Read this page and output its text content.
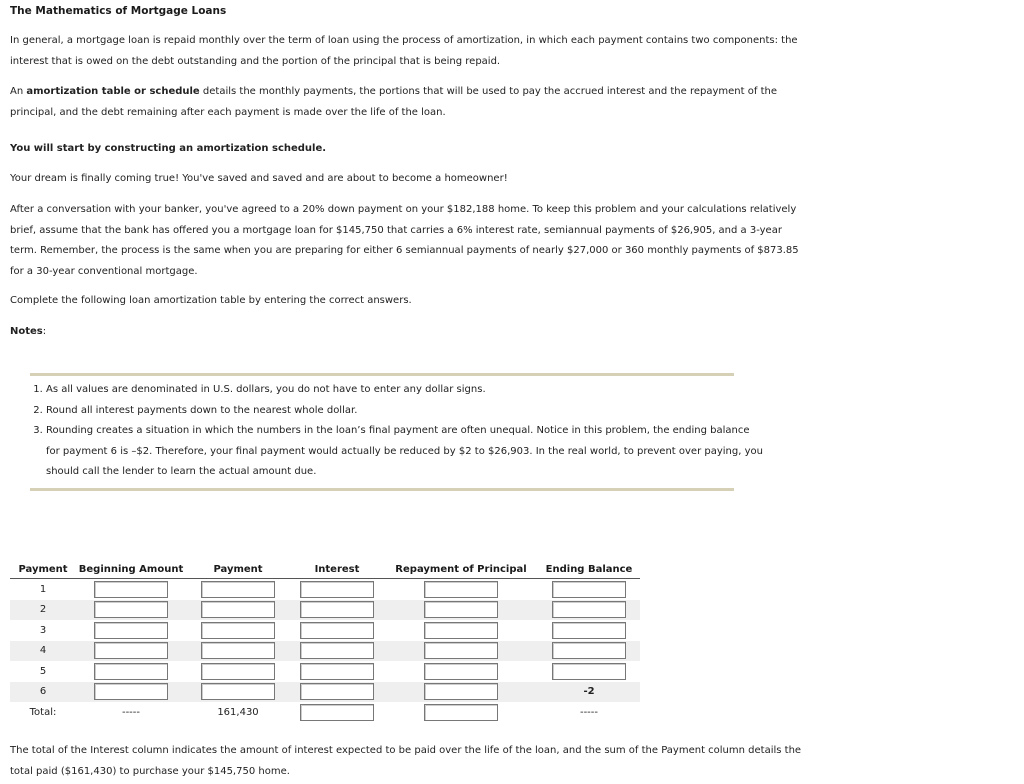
The Mathematics of Mortgage Loans
In general, a mortgage loan is repaid monthly over the term of loan using the process of amortization, in which each payment contains two components: the interest that is owed on the debt outstanding and the portion of the principal that is being repaid.
An amortization table or schedule details the monthly payments, the portions that will be used to pay the accrued interest and the repayment of the principal, and the debt remaining after each payment is made over the life of the loan.
You will start by constructing an amortization schedule.
Your dream is finally coming true! You've saved and saved and are about to become a homeowner!
After a conversation with your banker, you've agreed to a 20% down payment on your $182,188 home. To keep this problem and your calculations relatively brief, assume that the bank has offered you a mortgage loan for $145,750 that carries a 6% interest rate, semiannual payments of $26,905, and a 3-year term. Remember, the process is the same when you are preparing for either 6 semiannual payments of nearly $27,000 or 360 monthly payments of $873.85 for a 30-year conventional mortgage.
Complete the following loan amortization table by entering the correct answers.
Notes:
1. As all values are denominated in U.S. dollars, you do not have to enter any dollar signs.
2. Round all interest payments down to the nearest whole dollar.
3. Rounding creates a situation in which the numbers in the loan’s final payment are often unequal. Notice in this problem, the ending balance for payment 6 is –$2. Therefore, your final payment would actually be reduced by $2 to $26,903. In the real world, to prevent over paying, you should call the lender to learn the actual amount due.
Payment	Beginning Amount	Payment	Interest	Repayment of Principal	Ending Balance
1					
2					
3					
4					
5					
6					-2
Total:	-----	161,430			-----
The total of the Interest column indicates the amount of interest expected to be paid over the life of the loan, and the sum of the Payment column details the total paid ($161,430) to purchase your $145,750 home.
